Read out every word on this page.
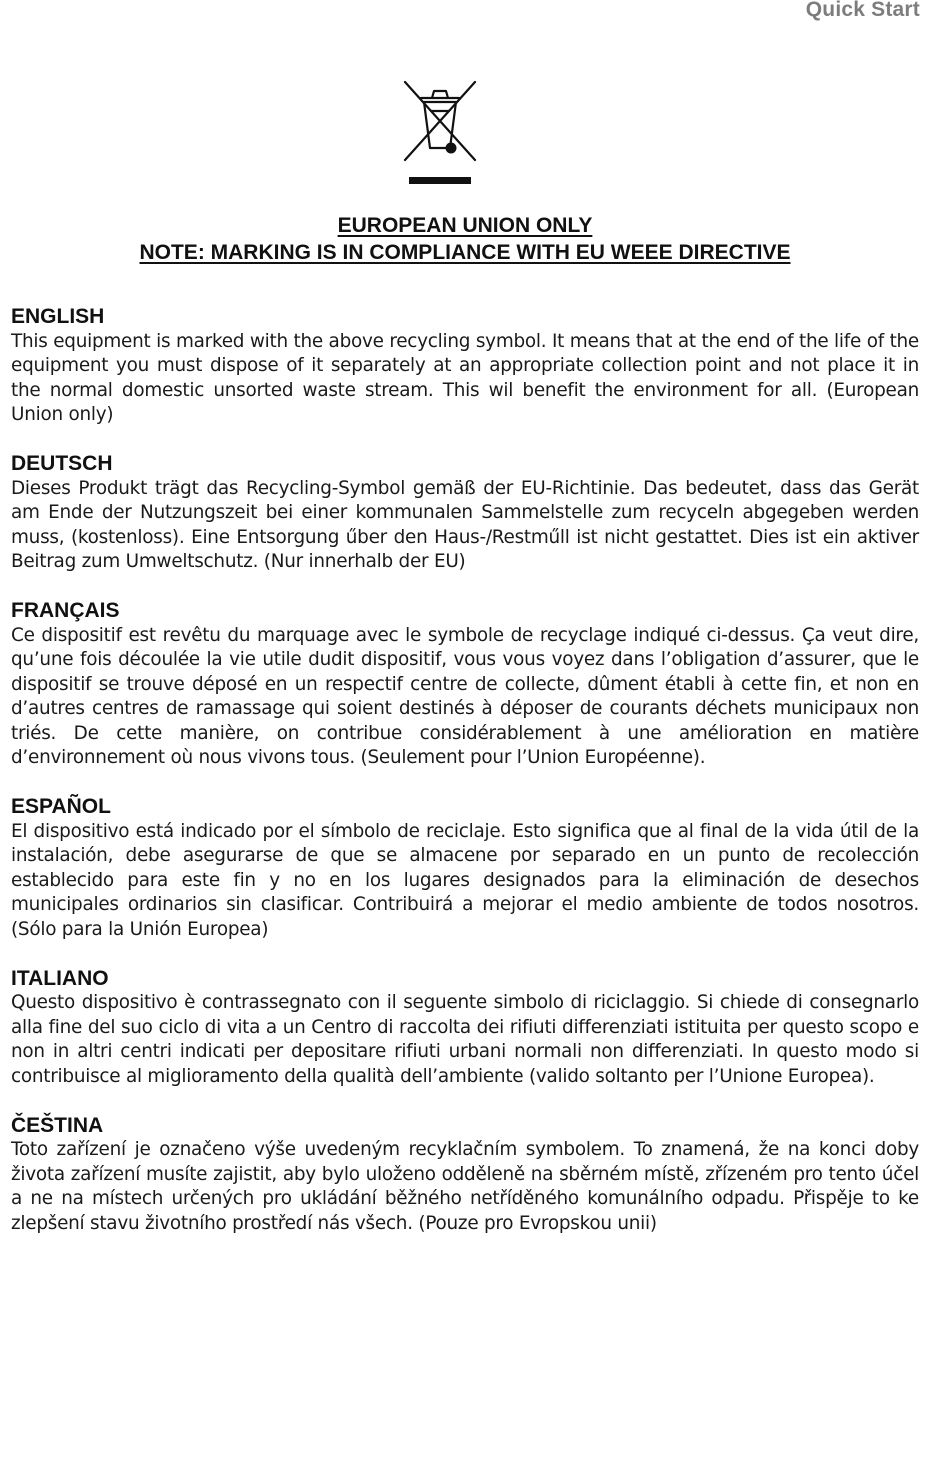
Quick Start
EUROPEAN UNION ONLY
NOTE: MARKING IS IN COMPLIANCE WITH EU WEEE DIRECTIVE

ENGLISH

This equipment is marked with the above recycling symbol. It means that at the end of the life of the equipment you must dispose of it separately at an appropriate collection point and not place it in the normal domestic unsorted waste stream. This wil benefit the environment for all. (European Union only)

DEUTSCH

Dieses Produkt trägt das Recycling-Symbol gemäß der EU-Richtinie. Das bedeutet, dass das Gerät am Ende der Nutzungszeit bei einer kommunalen Sammelstelle zum recyceln abgegeben werden muss, (kostenloss). Eine Entsorgung űber den Haus-/Restműll ist nicht gestattet. Dies ist ein aktiver Beitrag zum Umweltschutz. (Nur innerhalb der EU)

FRANÇAIS

Ce dispositif est revêtu du marquage avec le symbole de recyclage indiqué ci-dessus. Ça veut dire, qu’une fois découlée la vie utile dudit dispositif, vous vous voyez dans l’obligation d’assurer, que le dispositif se trouve déposé en un respectif centre de collecte, dûment établi à cette fin, et non en d’autres centres de ramassage qui soient destinés à déposer de courants déchets municipaux non triés. De cette manière, on contribue considérablement à une amélioration en matière d’environnement où nous vivons tous. (Seulement pour l’Union Européenne).

ESPAÑOL

El dispositivo está indicado por el símbolo de reciclaje. Esto significa que al final de la vida útil de la instalación, debe asegurarse de que se almacene por separado en un punto de recolección establecido para este fin y no en los lugares designados para la eliminación de desechos municipales ordinarios sin clasificar. Contribuirá a mejorar el medio ambiente de todos nosotros. (Sólo para la Unión Europea)

ITALIANO

Questo dispositivo è contrassegnato con il seguente simbolo di riciclaggio. Si chiede di consegnarlo alla fine del suo ciclo di vita a un Centro di raccolta dei rifiuti differenziati istituita per questo scopo e non in altri centri indicati per depositare rifiuti urbani normali non differenziati. In questo modo si contribuisce al miglioramento della qualità dell’ambiente (valido soltanto per l’Unione Europea).

ČEŠTINA

Toto zařízení je označeno výše uvedeným recyklačním symbolem. To znamená, že na konci doby života zařízení musíte zajistit, aby bylo uloženo odděleně na sběrném místě, zřízeném pro tento účel a ne na místech určených pro ukládání běžného netříděného komunálního odpadu. Přispěje to ke zlepšení stavu životního prostředí nás všech. (Pouze pro Evropskou unii)
